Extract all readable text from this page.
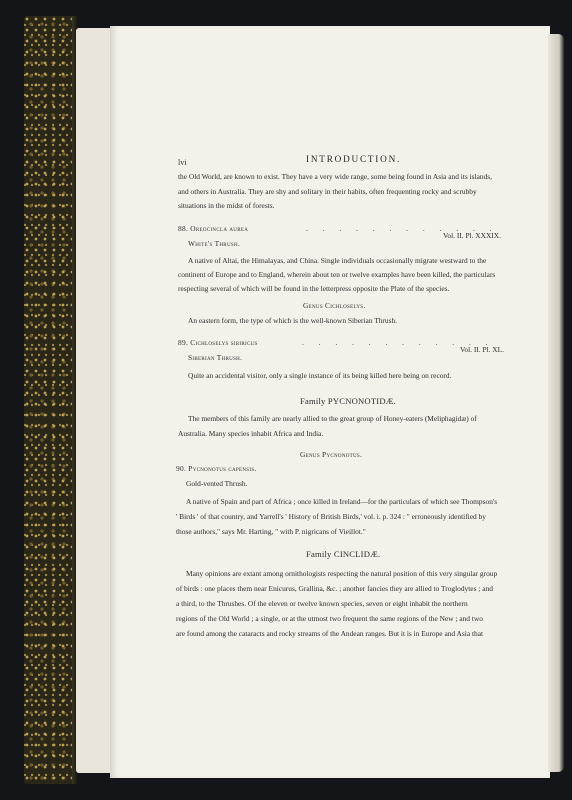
lvi	INTRODUCTION.

the Old World, are known to exist. They have a very wide range, some being found in Asia and its islands,

and others in Australia. They are shy and solitary in their habits, often frequenting rocky and scrubby

situations in the midst of forests.

88. Oreocincla aurea	. . . . . . . . . . . .

Vol. II. Pl. XXXIX.

White's Thrush.

A native of Altai, the Himalayas, and China. Single individuals occasionally migrate westward to the

continent of Europe and to England, wherein about ten or twelve examples have been killed, the particulars

respecting several of which will be found in the letterpress opposite the Plate of the species.

Genus Cichloselys.

An eastern form, the type of which is the well-known Siberian Thrush.

89. Cichloselys sibiricus	. . . . . . . . . . . .

Vol. II. Pl. XL.

Siberian Thrush.

Quite an accidental visitor, only a single instance of its being killed here being on record.

Family PYCNONOTIDÆ.

The members of this family are nearly allied to the great group of Honey-eaters (Meliphagidæ) of

Australia. Many species inhabit Africa and India.

Genus Pycnonotus.

90. Pycnonotus capensis.

Gold-vented Thrush.

A native of Spain and part of Africa ; once killed in Ireland—for the particulars of which see Thompson's

' Birds ' of that country, and Yarrell's ' History of British Birds,' vol. i. p. 324 : " erroneously identified by

those authors," says Mr. Harting, " with P. nigricans of Vieillot."

Family CINCLIDÆ.

Many opinions are extant among ornithologists respecting the natural position of this very singular group

of birds : one places them near Enicurus, Grallina, &c. ; another fancies they are allied to Troglodytes ; and

a third, to the Thrushes. Of the eleven or twelve known species, seven or eight inhabit the northern

regions of the Old World ; a single, or at the utmost two frequent the same regions of the New ; and two

are found among the cataracts and rocky streams of the Andean ranges. But it is in Europe and Asia that
